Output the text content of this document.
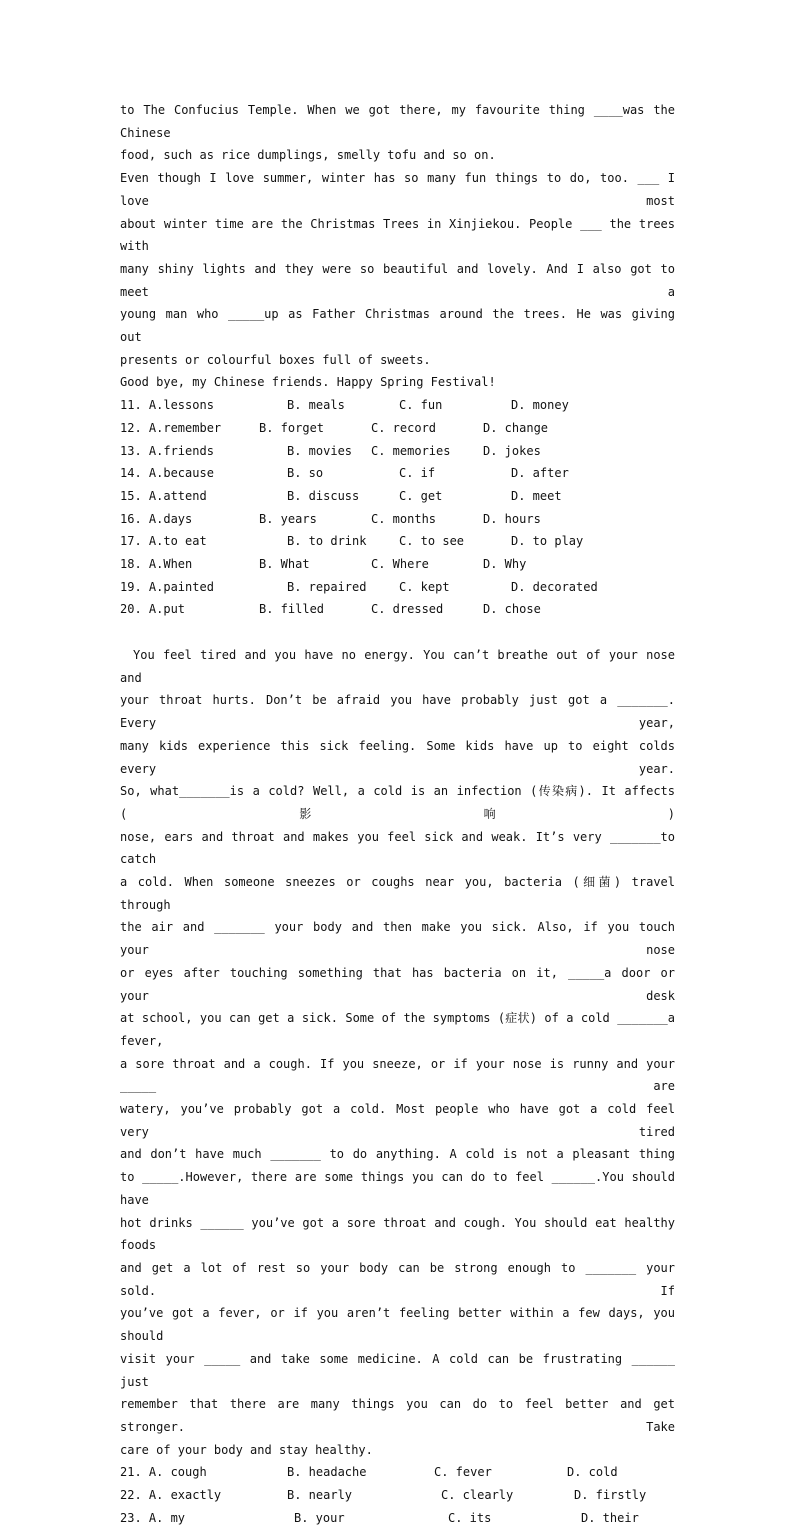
to The Confucius Temple. When we got there, my favourite thing ____was the Chinese
food, such as rice dumplings, smelly tofu and so on.
Even though I love summer, winter has so many fun things to do, too. ___ I love most
about winter time are the Christmas Trees in Xinjiekou. People ___ the trees with
many shiny lights and they were so beautiful and lovely. And I also got to meet a
young man who _____up as Father Christmas around the trees. He was giving out
presents or colourful boxes full of sweets.
Good bye, my Chinese friends. Happy Spring Festival!
11. A.lessons	B. meals	C. fun	D. money
12. A.remember	B. forget	C. record	D. change
13. A.friends	B. movies C. memories	D. jokes
14. A.because	B. so	C. if	D. after
15. A.attend	B. discuss	C. get	D. meet
16. A.days	B. years	C. months	D. hours
17. A.to eat	B. to drink	C. to see	D. to play
18. A.When	B. What	C. Where	D. Why
19. A.painted	B. repaired	C. kept	D. decorated
20. A.put	B. filled	C. dressed	D. chose
You feel tired and you have no energy. You can’t breathe out of your nose and
your throat hurts. Don’t be afraid you have probably just got a _______. Every year,
many kids experience this sick feeling. Some kids have up to eight colds every year.
So, what_______is a cold? Well, a cold is an infection (传染病). It affects (影响)
nose, ears and throat and makes you feel sick and weak. It’s very _______to catch
a cold. When someone sneezes or coughs near you, bacteria (细菌) travel through
the air and _______ your body and then make you sick. Also, if you touch your nose
or eyes after touching something that has bacteria on it, _____a door or your desk
at school, you can get a sick. Some of the symptoms (症状) of a cold _______a fever,
a sore throat and a cough. If you sneeze, or if your nose is runny and your _____ are
watery, you’ve probably got a cold. Most people who have got a cold feel very tired
and don’t have much _______ to do anything. A cold is not a pleasant thing
to _____.However, there are some things you can do to feel ______.You should have
hot drinks ______ you’ve got a sore throat and cough. You should eat healthy foods
and get a lot of rest so your body can be strong enough to _______ your sold. If
you’ve got a fever, or if you aren’t feeling better within a few days, you should
visit your _____ and take some medicine. A cold can be frustrating ______ just
remember that there are many things you can do to feel better and get stronger. Take
care of your body and stay healthy.
21. A. cough	B. headache	C. fever	D. cold
22. A. exactly	B. nearly	C. clearly	D. firstly
23. A. my	B. your	C. its	D. their
